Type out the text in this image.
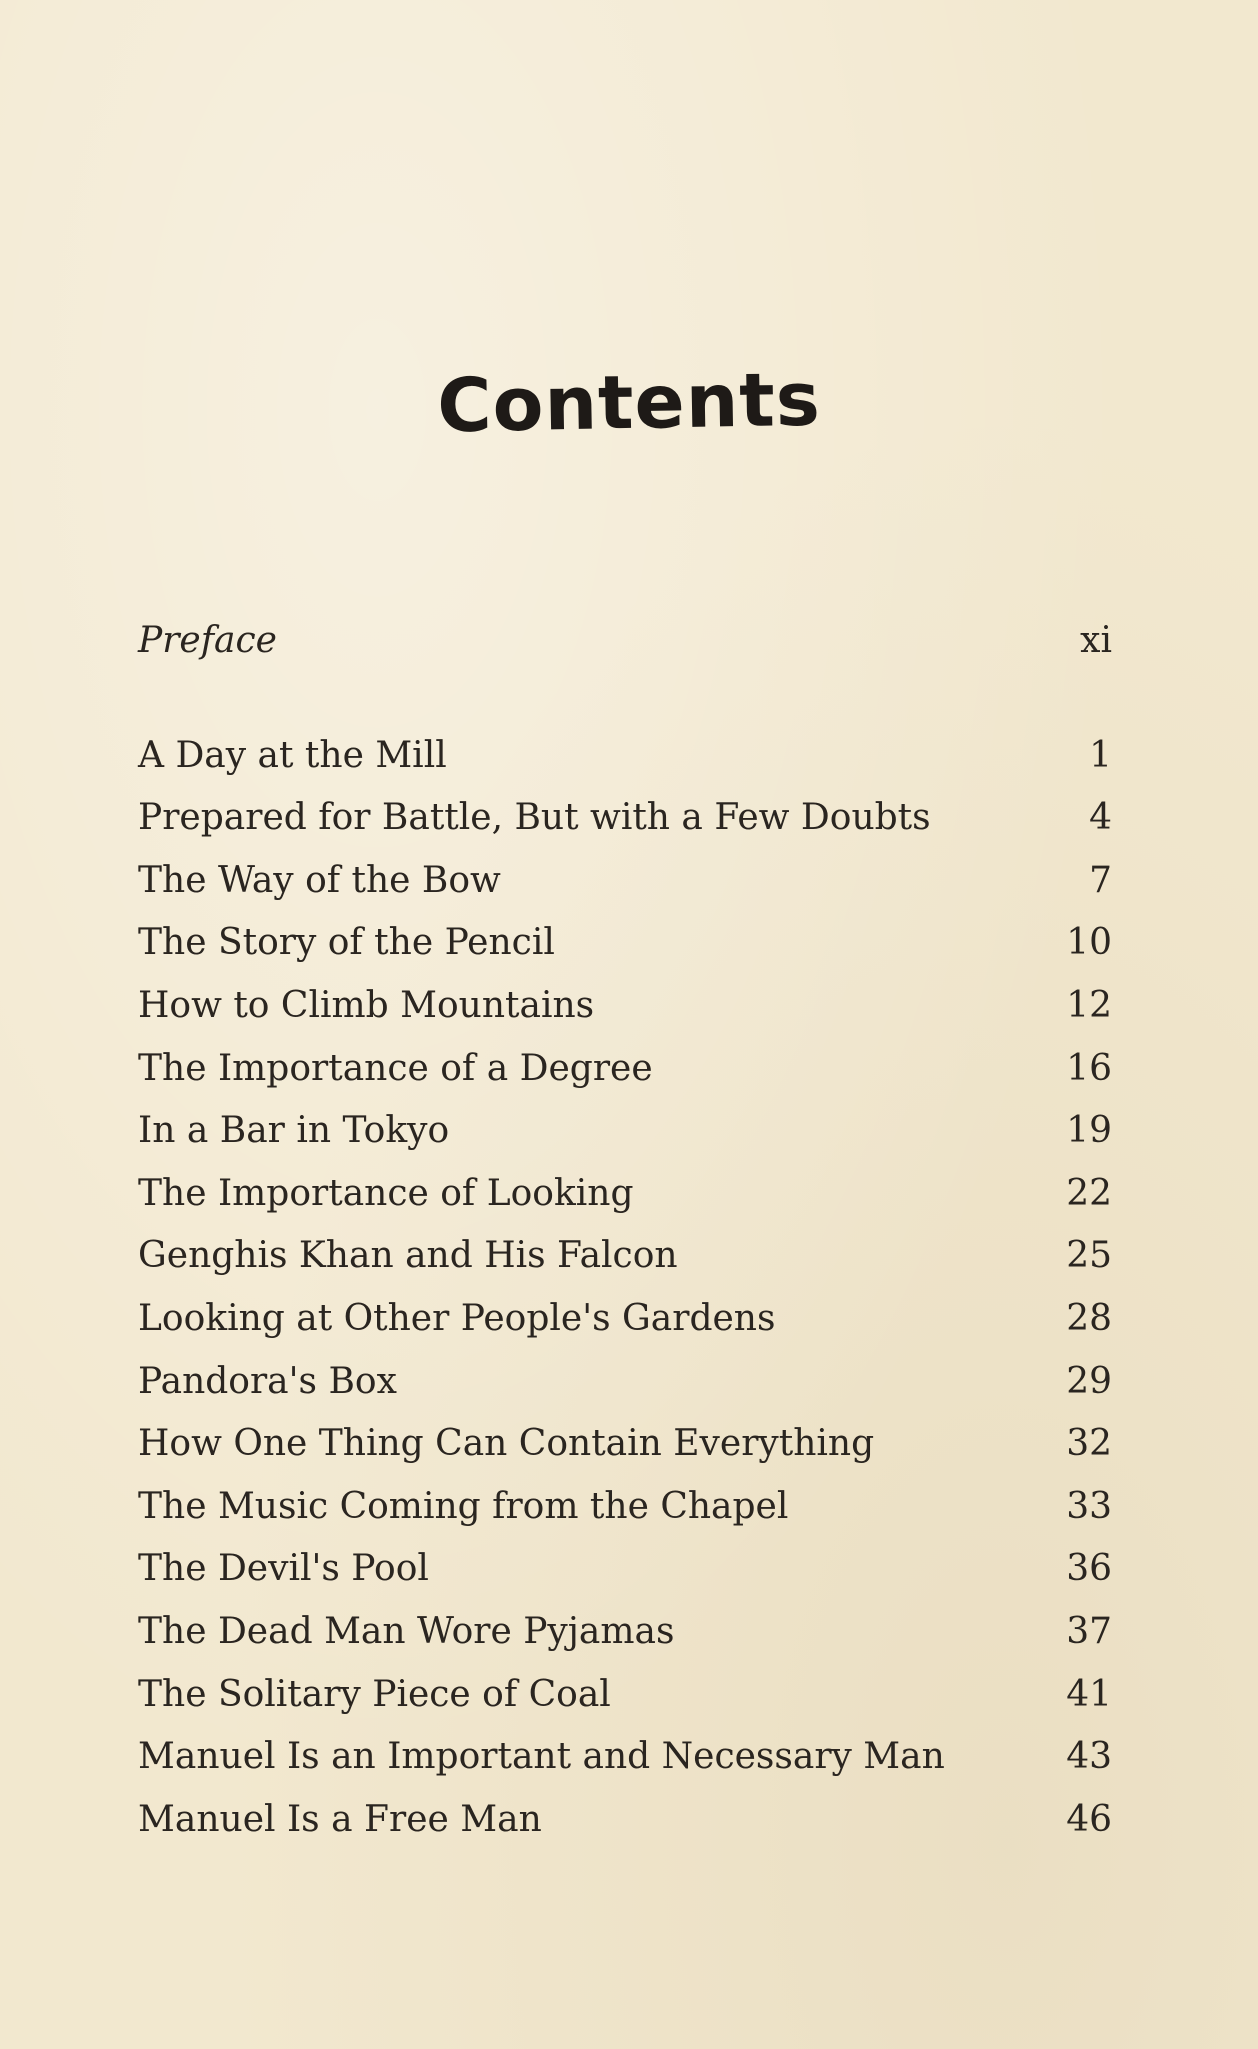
Contents
Preface	xi
A Day at the Mill	1
Prepared for Battle, But with a Few Doubts	4
The Way of the Bow	7
The Story of the Pencil	10
How to Climb Mountains	12
The Importance of a Degree	16
In a Bar in Tokyo	19
The Importance of Looking	22
Genghis Khan and His Falcon	25
Looking at Other People's Gardens	28
Pandora's Box	29
How One Thing Can Contain Everything	32
The Music Coming from the Chapel	33
The Devil's Pool	36
The Dead Man Wore Pyjamas	37
The Solitary Piece of Coal	41
Manuel Is an Important and Necessary Man	43
Manuel Is a Free Man	46
